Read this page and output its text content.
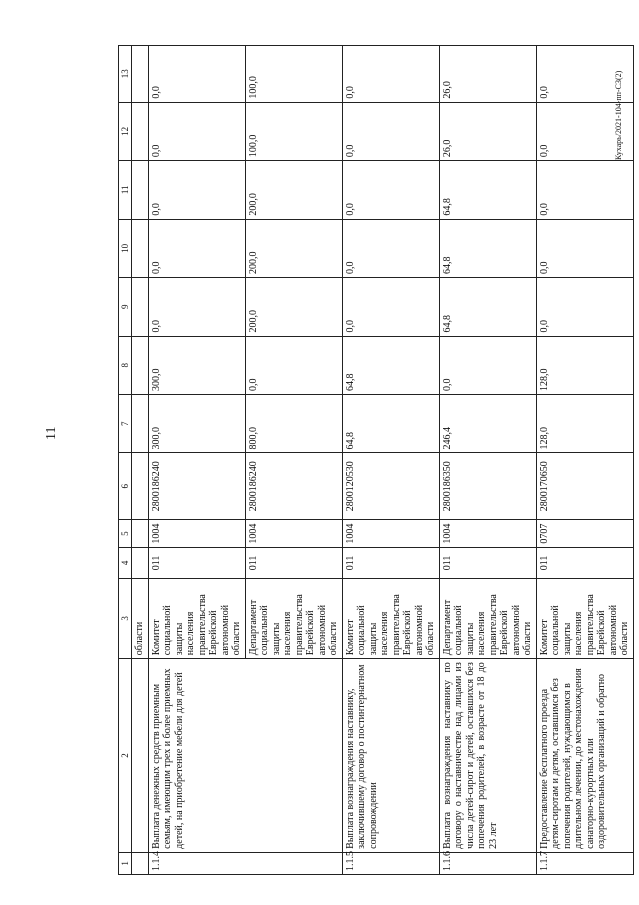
11
Кухарь/2021-104-пп-СЗ(2)
1	2	3	4	5	6	7	8	9	10	11	12	13
		области										
1.1.4	Выплата денежных средств приемным семьям, имеющим трех и более приемных детей, на приобретение мебели для детей	Комитет социальной защиты населения правительства Еврейской автономной области	011	1004	2800186240	300,0	300,0	0,0	0,0	0,0	0,0	0,0
		Департамент социальной защиты населения правительства Еврейской автономной области	011	1004	2800186240	800,0	0,0	200,0	200,0	200,0	100,0	100,0
1.1.5	Выплата вознаграждения наставнику, заключившему договор о постинтернатном сопровождении	Комитет социальной защиты населения правительства Еврейской автономной области	011	1004	2800120530	64,8	64,8	0,0	0,0	0,0	0,0	0,0
1.1.6	Выплата вознаграждения наставнику по договору о наставничестве над лицами из числа детей-сирот и детей, оставшихся без попечения родителей, в возрасте от 18 до 23 лет	Департамент социальной защиты населения правительства Еврейской автономной области	011	1004	2800186350	246,4	0,0	64,8	64,8	64,8	26,0	26,0
1.1.7	Предоставление бесплатного проезда детям-сиротам и детям, оставшимся без попечения родителей, нуждающимся в длительном лечении, до местонахождения санаторно-курортных или оздоровительных организаций и обратно	Комитет социальной защиты населения правительства Еврейской автономной области	011	0707	2800170650	128,0	128,0	0,0	0,0	0,0	0,0	0,0
